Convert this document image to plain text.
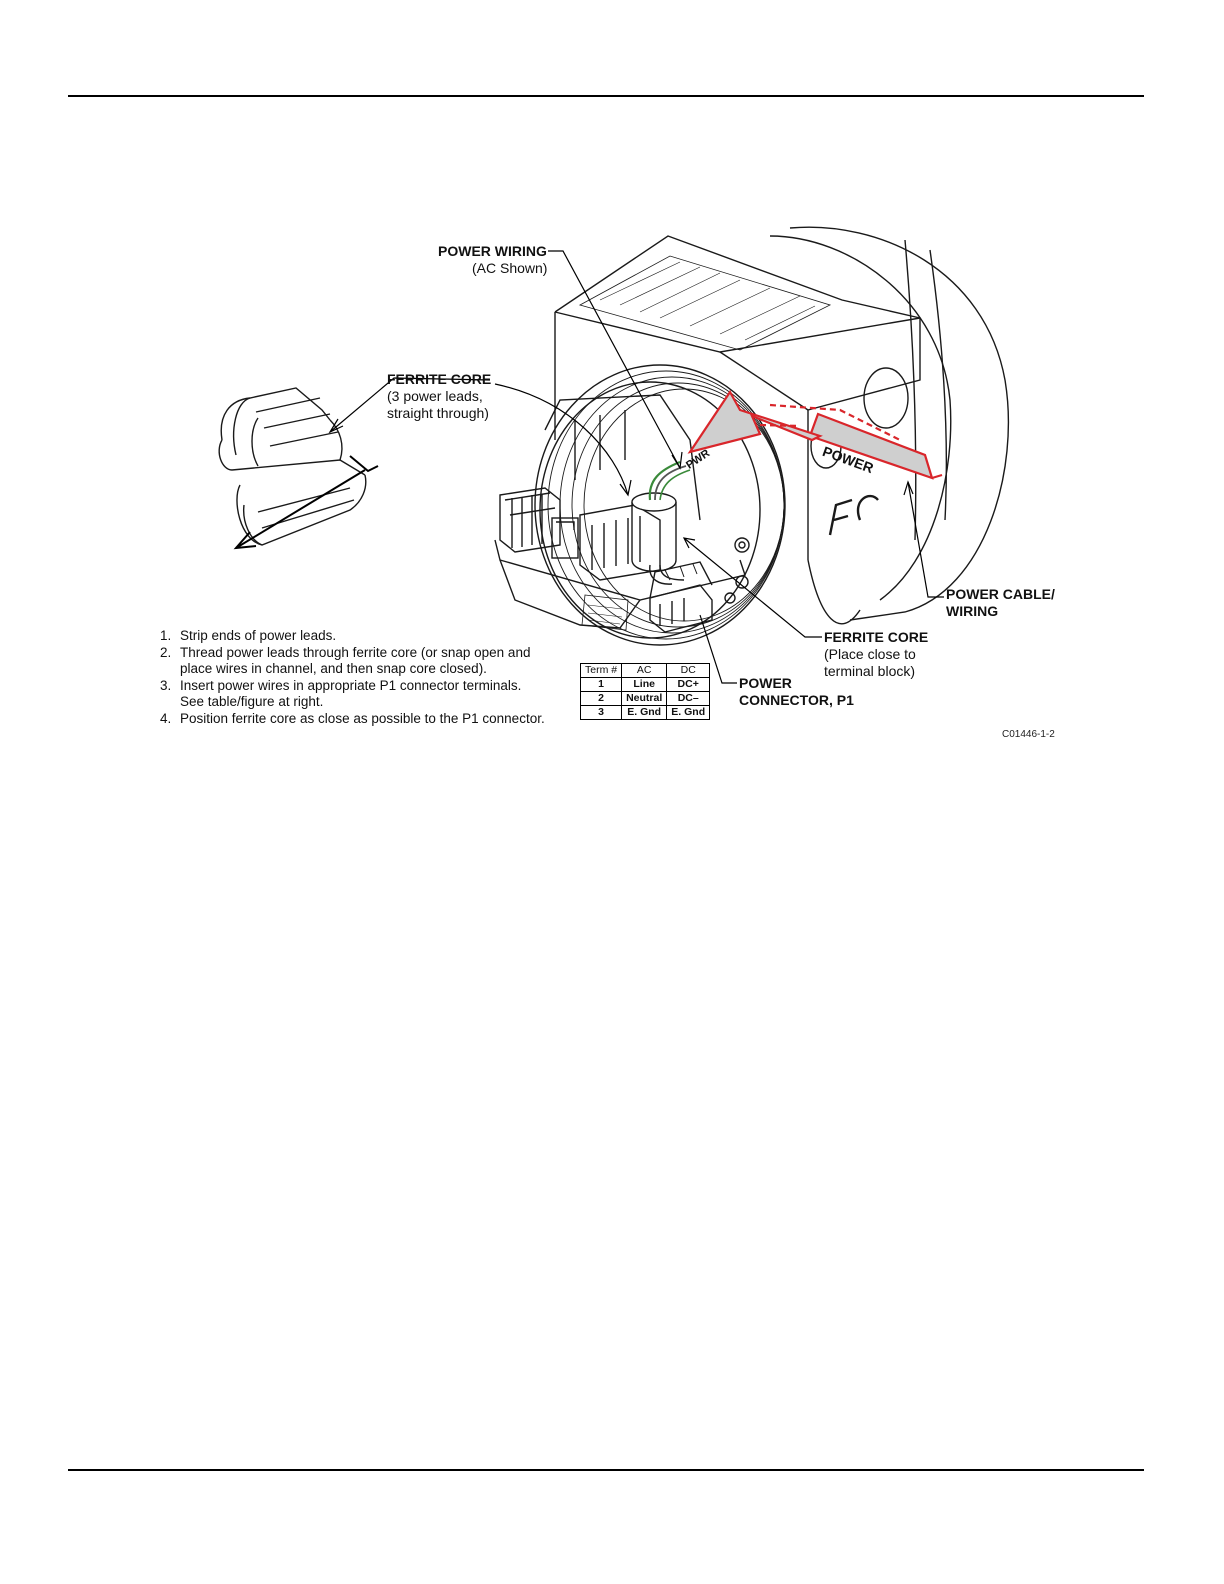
POWER
PWR
POWER WIRING
(AC Shown)
FERRITE CORE
(3 power leads,
straight through)
POWER CABLE/
WIRING
FERRITE CORE
(Place close to
terminal block)
POWER
CONNECTOR, P1
1. Strip ends of power leads.
2. Thread power leads through ferrite core (or snap open and
place wires in channel, and then snap core closed).
3. Insert power wires in appropriate P1 connector terminals.
See table/figure at right.
4. Position ferrite core as close as possible to the P1 connector.
Term #	AC	DC
1	Line	DC+
2	Neutral	DC–
3	E. Gnd	E. Gnd
C01446-1-2
